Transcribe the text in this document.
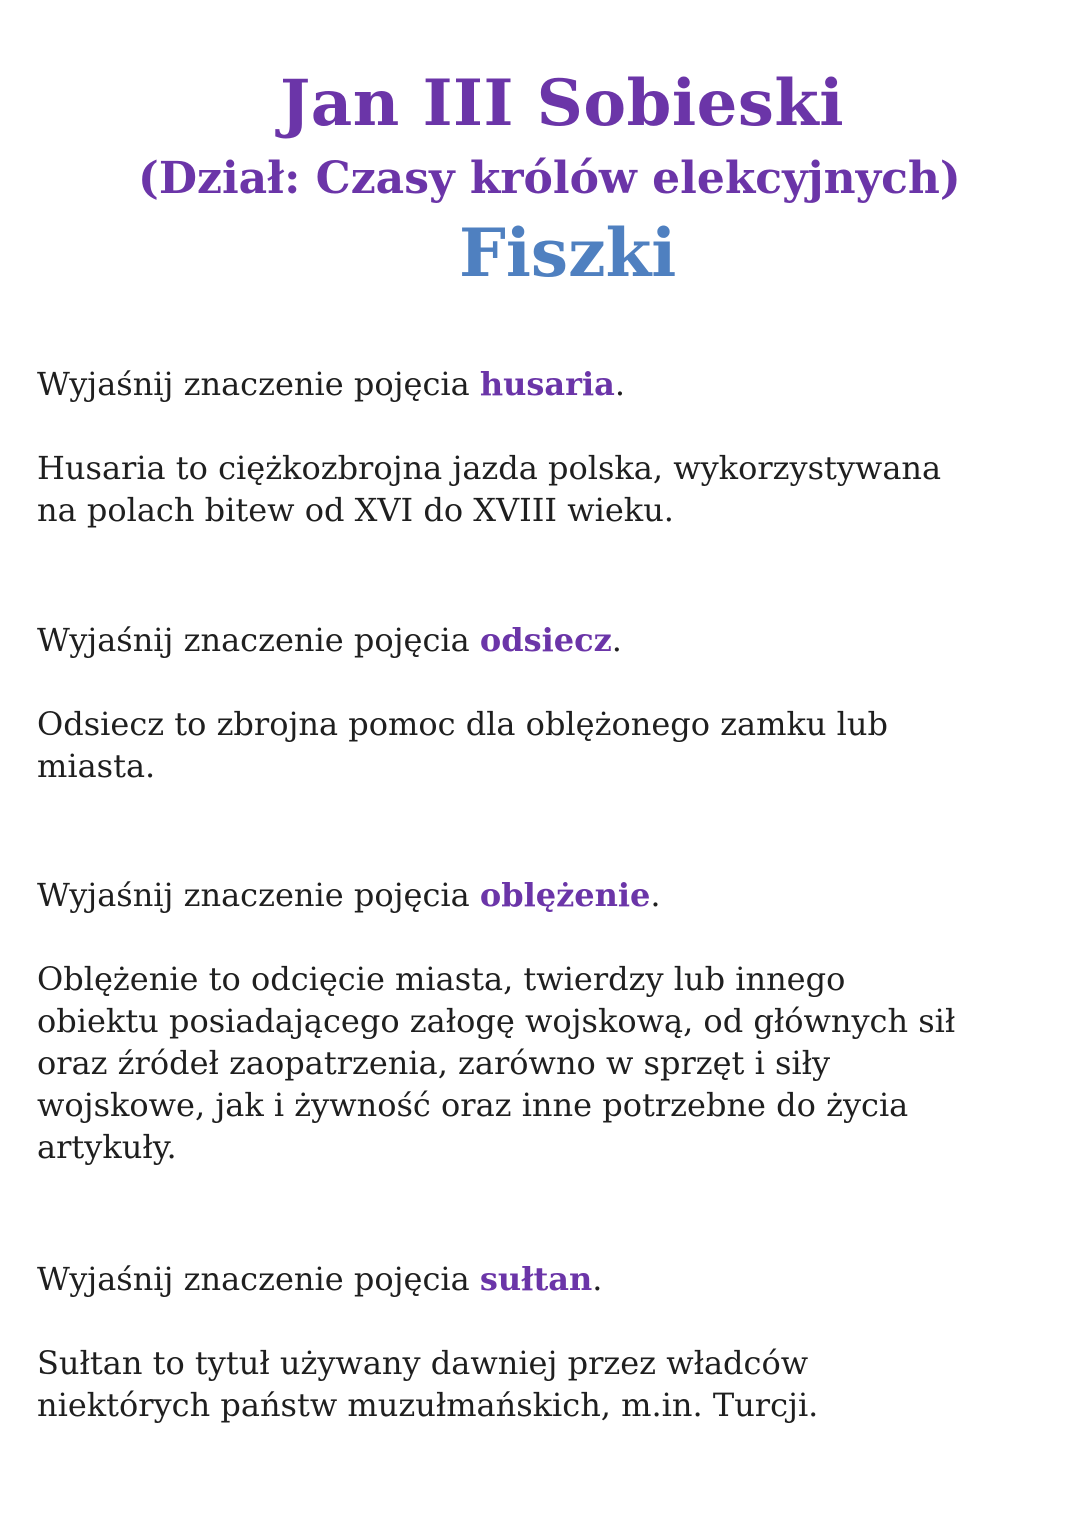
Jan III Sobieski
(Dział: Czasy królów elekcyjnych)
Fiszki

Wyjaśnij znaczenie pojęcia husaria.

Husaria to ciężkozbrojna jazda polska, wykorzystywana
na polach bitew od XVI do XVIII wieku.

Wyjaśnij znaczenie pojęcia odsiecz.

Odsiecz to zbrojna pomoc dla oblężonego zamku lub
miasta.

Wyjaśnij znaczenie pojęcia oblężenie.

Oblężenie to odcięcie miasta, twierdzy lub innego
obiektu posiadającego załogę wojskową, od głównych sił
oraz źródeł zaopatrzenia, zarówno w sprzęt i siły
wojskowe, jak i żywność oraz inne potrzebne do życia
artykuły.

Wyjaśnij znaczenie pojęcia sułtan.

Sułtan to tytuł używany dawniej przez władców
niektórych państw muzułmańskich, m.in. Turcji.
